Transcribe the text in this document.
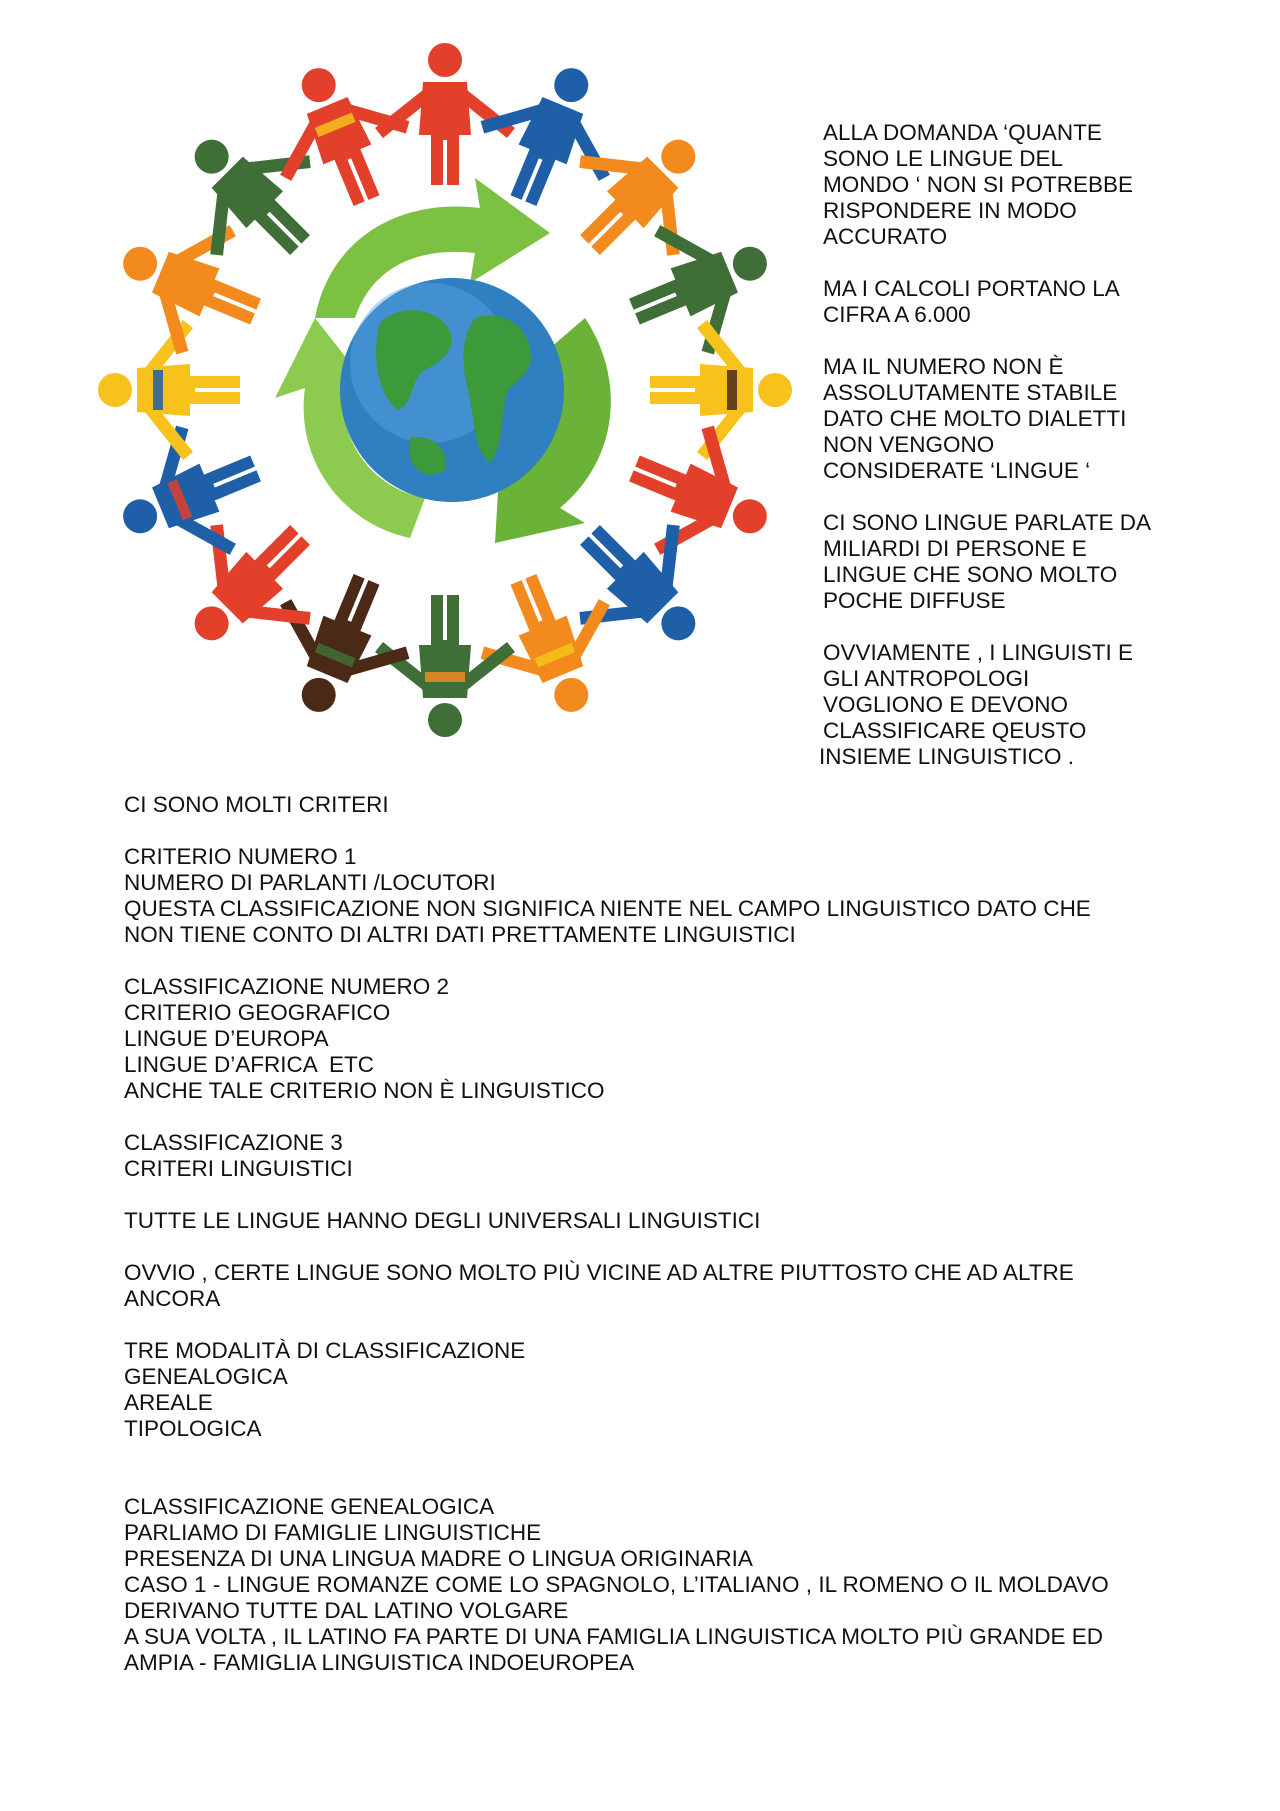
ALLA DOMANDA ‘QUANTE
SONO LE LINGUE DEL
MONDO ‘ NON SI POTREBBE
RISPONDERE IN MODO
ACCURATO
MA I CALCOLI PORTANO LA
CIFRA A 6.000
MA IL NUMERO NON È
ASSOLUTAMENTE STABILE
DATO CHE MOLTO DIALETTI
NON VENGONO
CONSIDERATE ‘LINGUE ‘
CI SONO LINGUE PARLATE DA
MILIARDI DI PERSONE E
LINGUE CHE SONO MOLTO
POCHE DIFFUSE
OVVIAMENTE , I LINGUISTI E
GLI ANTROPOLOGI
VOGLIONO E DEVONO
CLASSIFICARE QEUSTO
INSIEME LINGUISTICO .
CI SONO MOLTI CRITERI
CRITERIO NUMERO 1
NUMERO DI PARLANTI /LOCUTORI
QUESTA CLASSIFICAZIONE NON SIGNIFICA NIENTE NEL CAMPO LINGUISTICO DATO CHE
NON TIENE CONTO DI ALTRI DATI PRETTAMENTE LINGUISTICI
CLASSIFICAZIONE NUMERO 2
CRITERIO GEOGRAFICO
LINGUE D’EUROPA
LINGUE D’AFRICA  ETC
ANCHE TALE CRITERIO NON È LINGUISTICO
CLASSIFICAZIONE 3
CRITERI LINGUISTICI
TUTTE LE LINGUE HANNO DEGLI UNIVERSALI LINGUISTICI
OVVIO , CERTE LINGUE SONO MOLTO PIÙ VICINE AD ALTRE PIUTTOSTO CHE AD ALTRE
ANCORA
TRE MODALITÀ DI CLASSIFICAZIONE
GENEALOGICA
AREALE
TIPOLOGICA
CLASSIFICAZIONE GENEALOGICA
PARLIAMO DI FAMIGLIE LINGUISTICHE
PRESENZA DI UNA LINGUA MADRE O LINGUA ORIGINARIA
CASO 1 - LINGUE ROMANZE COME LO SPAGNOLO, L’ITALIANO , IL ROMENO O IL MOLDAVO
DERIVANO TUTTE DAL LATINO VOLGARE
A SUA VOLTA , IL LATINO FA PARTE DI UNA FAMIGLIA LINGUISTICA MOLTO PIÙ GRANDE ED
AMPIA - FAMIGLIA LINGUISTICA INDOEUROPEA
